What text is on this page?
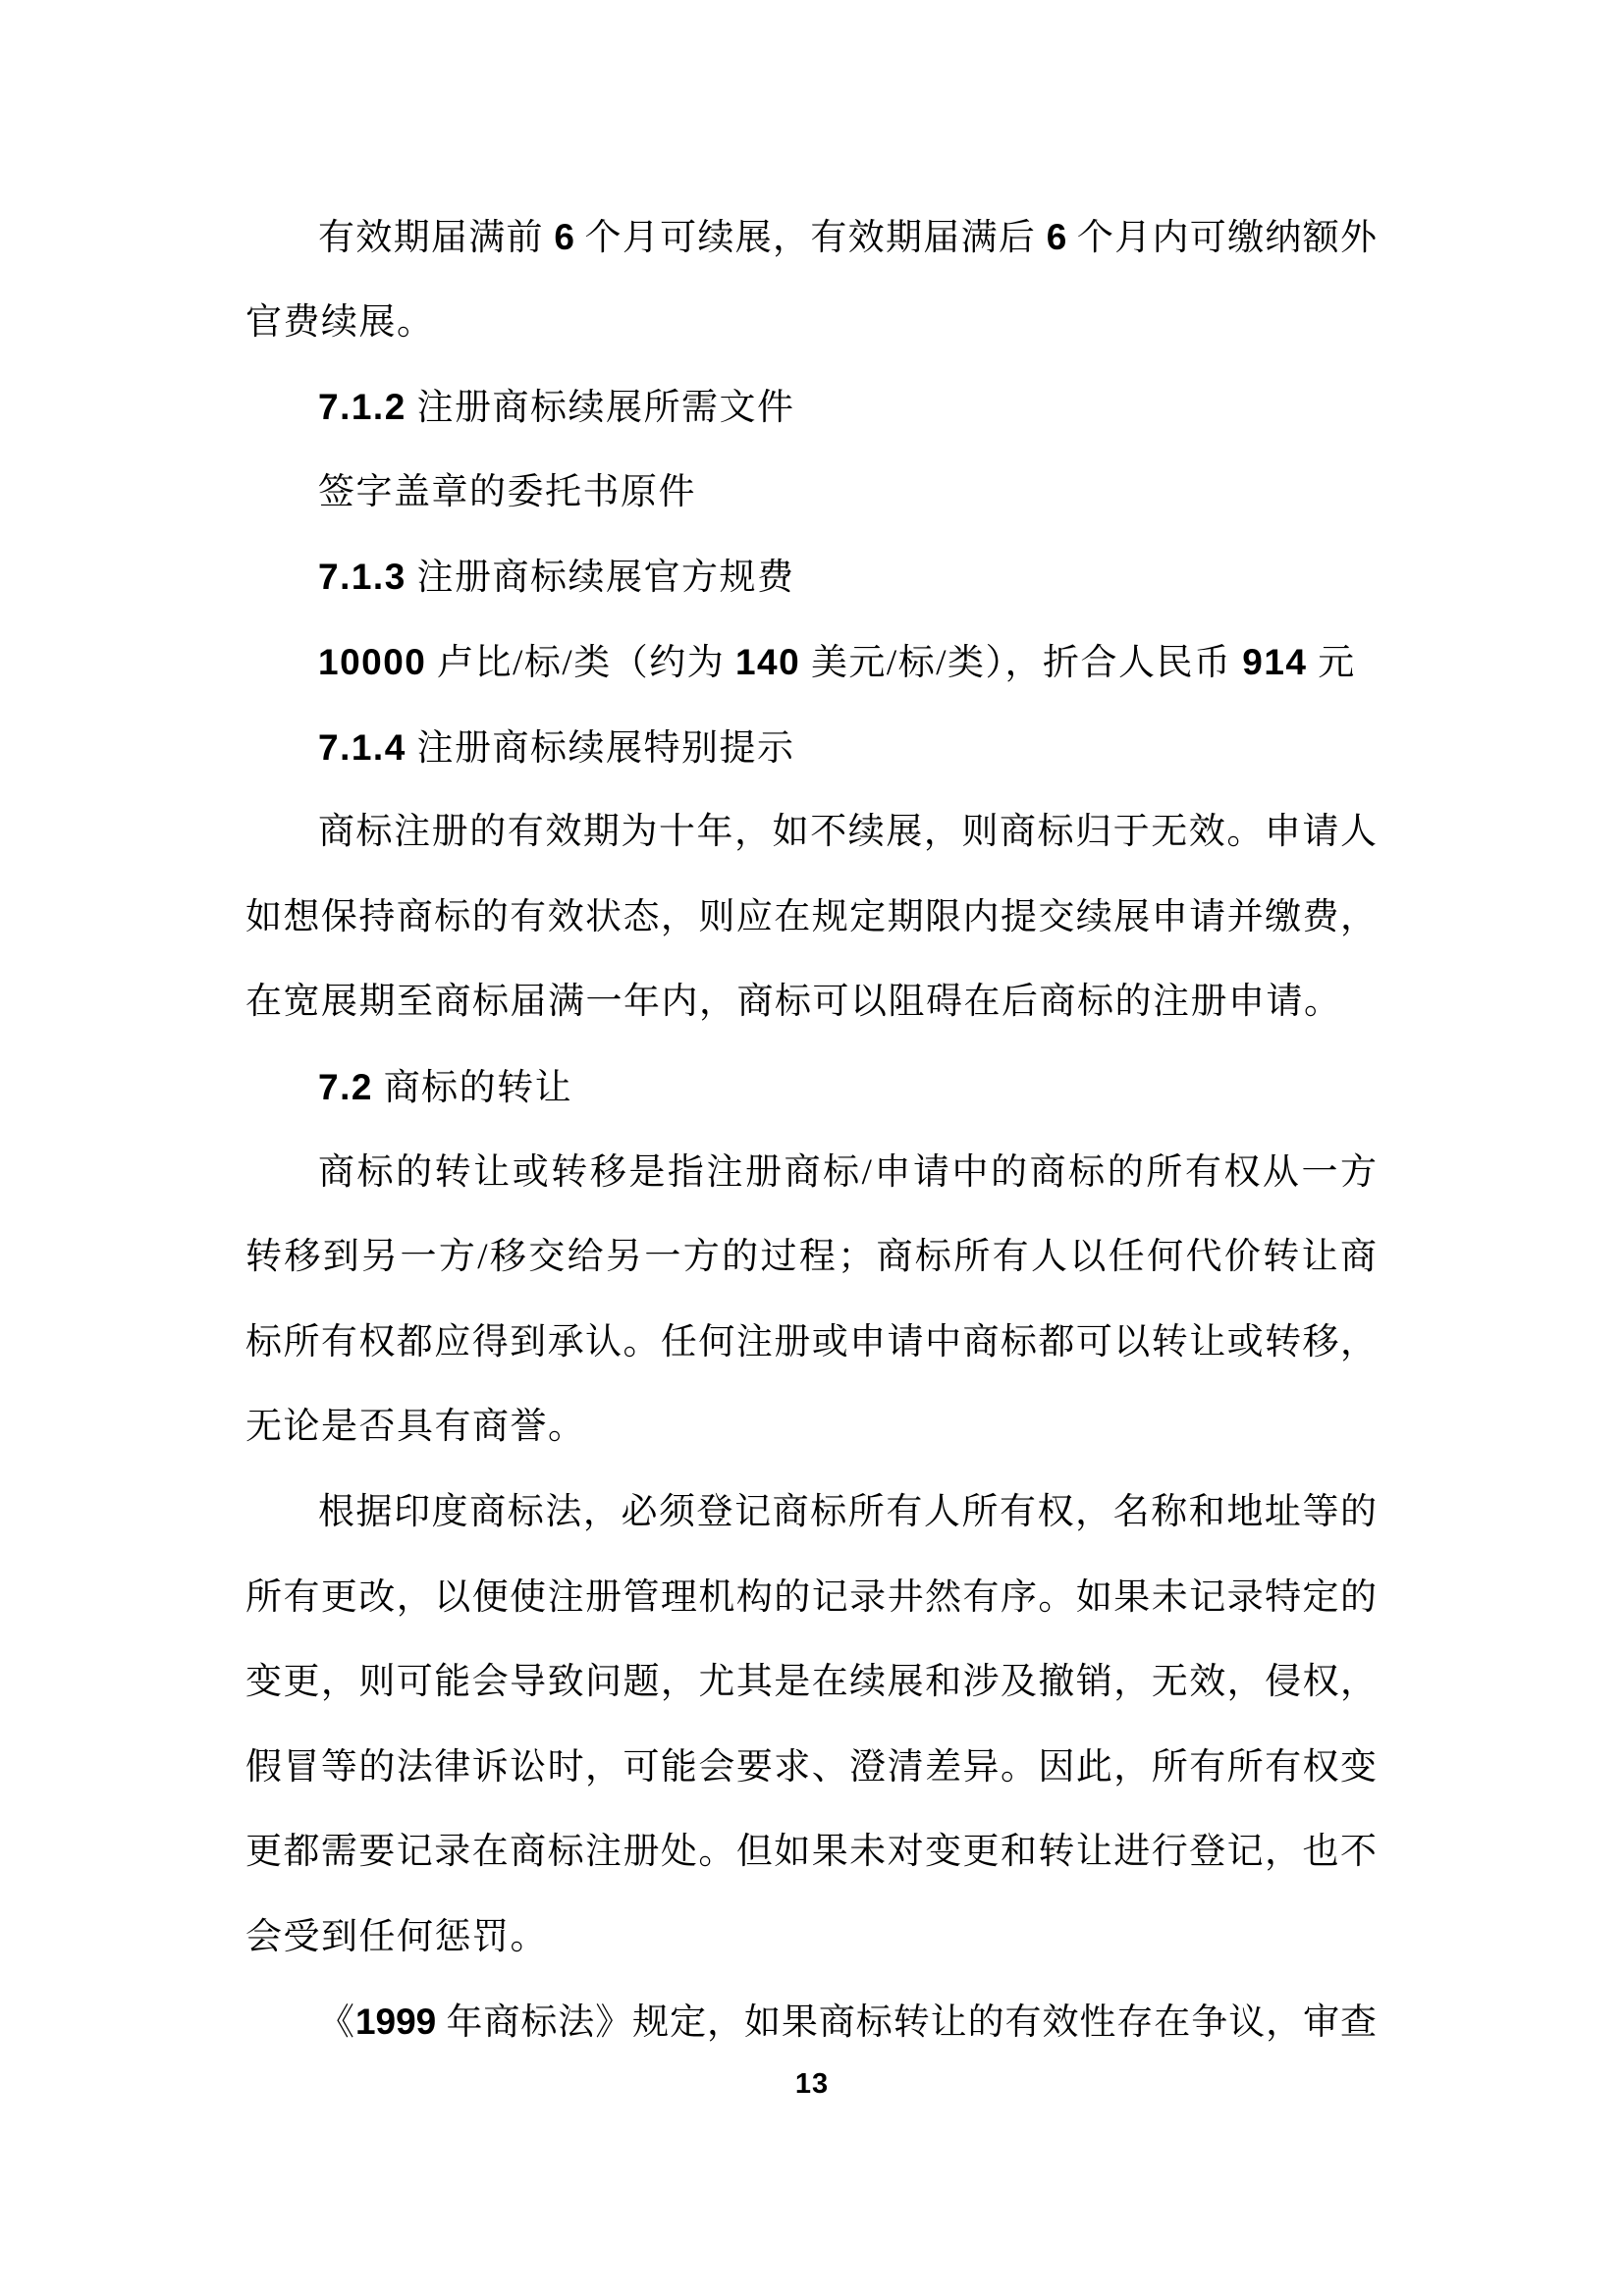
有效期届满前 6 个月可续展，有效期届满后 6 个月内可缴纳额外
官费续展。
7.1.2 注册商标续展所需文件
签字盖章的委托书原件
7.1.3 注册商标续展官方规费
10000 卢比/标/类（约为 140 美元/标/类），折合人民币 914 元
7.1.4 注册商标续展特别提示
商标注册的有效期为十年，如不续展，则商标归于无效。申请人
如想保持商标的有效状态，则应在规定期限内提交续展申请并缴费，
在宽展期至商标届满一年内，商标可以阻碍在后商标的注册申请。
7.2 商标的转让
商标的转让或转移是指注册商标/申请中的商标的所有权从一方
转移到另一方/移交给另一方的过程；商标所有人以任何代价转让商
标所有权都应得到承认。任何注册或申请中商标都可以转让或转移，
无论是否具有商誉。
根据印度商标法，必须登记商标所有人所有权，名称和地址等的
所有更改，以便使注册管理机构的记录井然有序。如果未记录特定的
变更，则可能会导致问题，尤其是在续展和涉及撤销，无效，侵权，
假冒等的法律诉讼时，可能会要求、澄清差异。因此，所有所有权变
更都需要记录在商标注册处。但如果未对变更和转让进行登记，也不
会受到任何惩罚。
《1999 年商标法》规定，如果商标转让的有效性存在争议，审查
13
